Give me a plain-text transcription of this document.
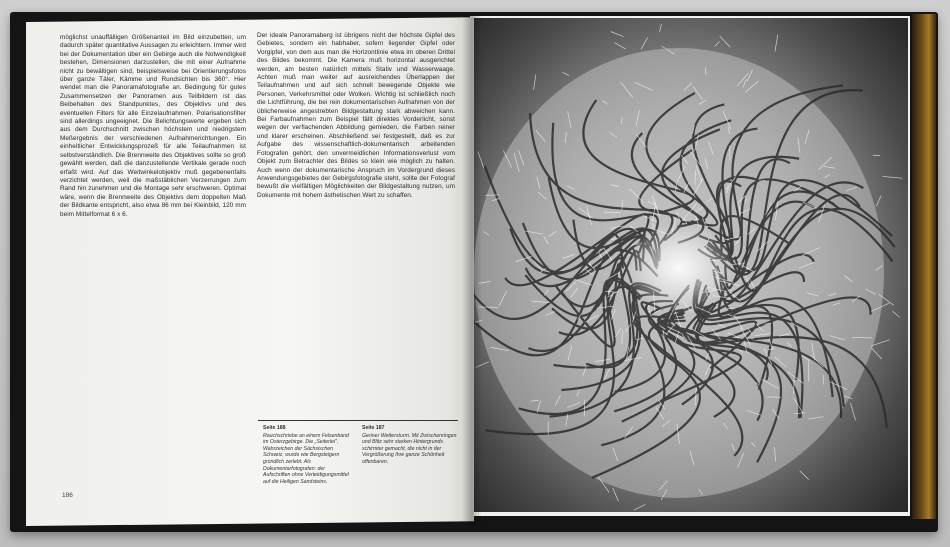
möglichst unauffälligen Größenanteil im Bild einzubetten, um dadurch später quantitative Aussagen zu erleichtern. Immer wird bei der Dokumentation über ein Gebirge auch die Notwendigkeit bestehen, Dimensionen darzustellen, die mit einer Aufnahme nicht zu bewältigen sind, beispielsweise bei Orientierungsfotos über ganze Täler, Kämme und Rundsichten bis 360°. Hier wendet man die Panoramafotografie an. Bedingung für gutes Zusammensetzen der Panoramen aus Teilbildern ist das Beibehalten des Standpunktes, des Objektivs und des eventuellen Filters für alle Einzelaufnahmen. Polarisationsfilter sind allerdings ungeeignet. Die Belichtungswerte ergeben sich aus dem Durchschnitt zwischen höchstem und niedrigstem Meßergebnis der verschiedenen Aufnahmerichtungen. Ein einheitlicher Entwicklungsprozeß für alle Teilaufnahmen ist selbstverständlich. Die Brennweite des Objektives sollte so groß gewählt werden, daß die danzustellende Vertikale gerade noch erfaßt wird. Auf das Weitwinkelobjektiv muß gegebenenfalls verzichtet werden, weil die maßstäblichen Verzerrungen zum Rand hin zunehmen und die Montage sehr erschweren. Optimal wäre, wenn die Brennweite des Objektivs dem doppelten Maß der Bildkante entspricht, also etwa 86 mm bei Kleinbild, 120 mm beim Mittelformat 6 x 6.
Der ideale Panoramaberg ist übrigens nicht der höchste Gipfel des Gebietes, sondern ein habhaber, sofern liegender Gipfel oder Vorgipfel, von dem aus man die Horizontlinie etwa im oberen Drittel des Bildes bekommt. Die Kamera muß horizontal ausgerichtet werden, am besten natürlich mittels Stativ und Wasserwaage. Achten muß man weiter auf ausreichendes Überlappen der Teilaufnahmen und auf sich schnell bewegende Objekte wie Personen, Verkehrsmittel oder Wolken. Wichtig ist schließlich noch die Lichtführung, die bei rein dokumentarischen Aufnahmen von der üblicherweise angestrebten Bildgestaltung stark abweichen kann. Bei Farbaufnahmen zum Beispiel fällt direktes Vorderlicht, sonst wegen der verflachenden Abbildung gemieden, die Farben reiner und klarer erscheinen. Abschließend sei festgestellt, daß es zur Aufgabe des wissenschaftlich-dokumentarisch arbeitenden Fotografen gehört, den unvermeidlichen Informationsverlust vom Objekt zum Betrachter des Bildes so klein wie möglich zu halten. Auch wenn der dokumentarische Anspruch im Vordergrund dieses Anwendungsgebietes der Gebirgsfotografie steht, sollte der Fotograf bewußt die vielfältigen Möglichkeiten der Bildgestaltung nutzen, um Dokumente mit hohem ästhetischen Wert zu schaffen.
Seite 188
Rauchschriebe an einem Felsenband im Osterzgebirge. Die „Seiterlei", Wahrzeichen der Sächsischen Schweiz, wurde wie Bergsteigern gründlich zerlebt. Als Dokumentarfotografen: der Aufschriften ohne Verteidigungsmittel auf die Heiligen Sandsteins.
Seite 187
Geriner Wettersturm. Mit Zwischenringen und Blitz sehr starken Hintergrunds schirmter gemacht, die nicht in der Vergrößerung Ihre ganze Schönheit offenbaren.
186
